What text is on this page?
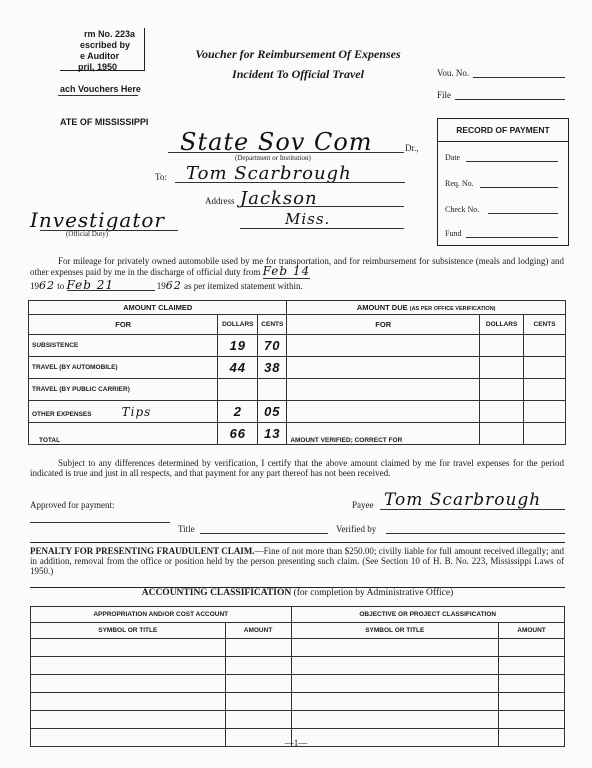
rm No. 223a
escribed by
e Auditor
pril, 1950
ach Vouchers Here
Voucher for Reimbursement Of Expenses
Incident To Official Travel	Vou. No.
File
ATE OF MISSISSIPPI
State Sov Com	Dr.,
(Department or Institution)
To: Tom Scarbrough
Address Jackson
Miss.
Investigator
(Official Duty)
RECORD OF PAYMENT
Date
Req. No.
Check No.
Fund
For mileage for privately owned automobile used by me for transportation, and for reimbursement for subsistence (meals and lodging) and other expenses paid by me in the discharge of official duty from Feb 14
1962 to Feb 21	1962 as per itemized statement within.
AMOUNT CLAIMED			AMOUNT DUE (AS PER OFFICE VERIFICATION)		
FOR	DOLLARS	CENTS	FOR	DOLLARS	CENTS
SUBSISTENCE	19	70			
TRAVEL (BY AUTOMOBILE)	44	38			
TRAVEL (BY PUBLIC CARRIER)					
OTHER EXPENSES Tips	2	05			
TOTAL	66	13	AMOUNT VERIFIED; CORRECT FOR		
Subject to any differences determined by verification, I certify that the above amount claimed by me for travel expenses for the period indicated is true and just in all respects, and that payment for any part thereof has not been received.
Approved for payment:	Payee Tom Scarbrough
Title	Verified by
PENALTY FOR PRESENTING FRAUDULENT CLAIM.—Fine of not more than $250.00; civilly liable for full amount received illegally; and in addition, removal from the office or position held by the person presenting such claim. (See Section 10 of H. B. No. 223, Mississippi Laws of 1950.)
ACCOUNTING CLASSIFICATION (for completion by Administrative Office)
APPROPRIATION AND/OR COST ACCOUNT		OBJECTIVE OR PROJECT CLASSIFICATION	
SYMBOL OR TITLE	AMOUNT	SYMBOL OR TITLE	AMOUNT

—1—
